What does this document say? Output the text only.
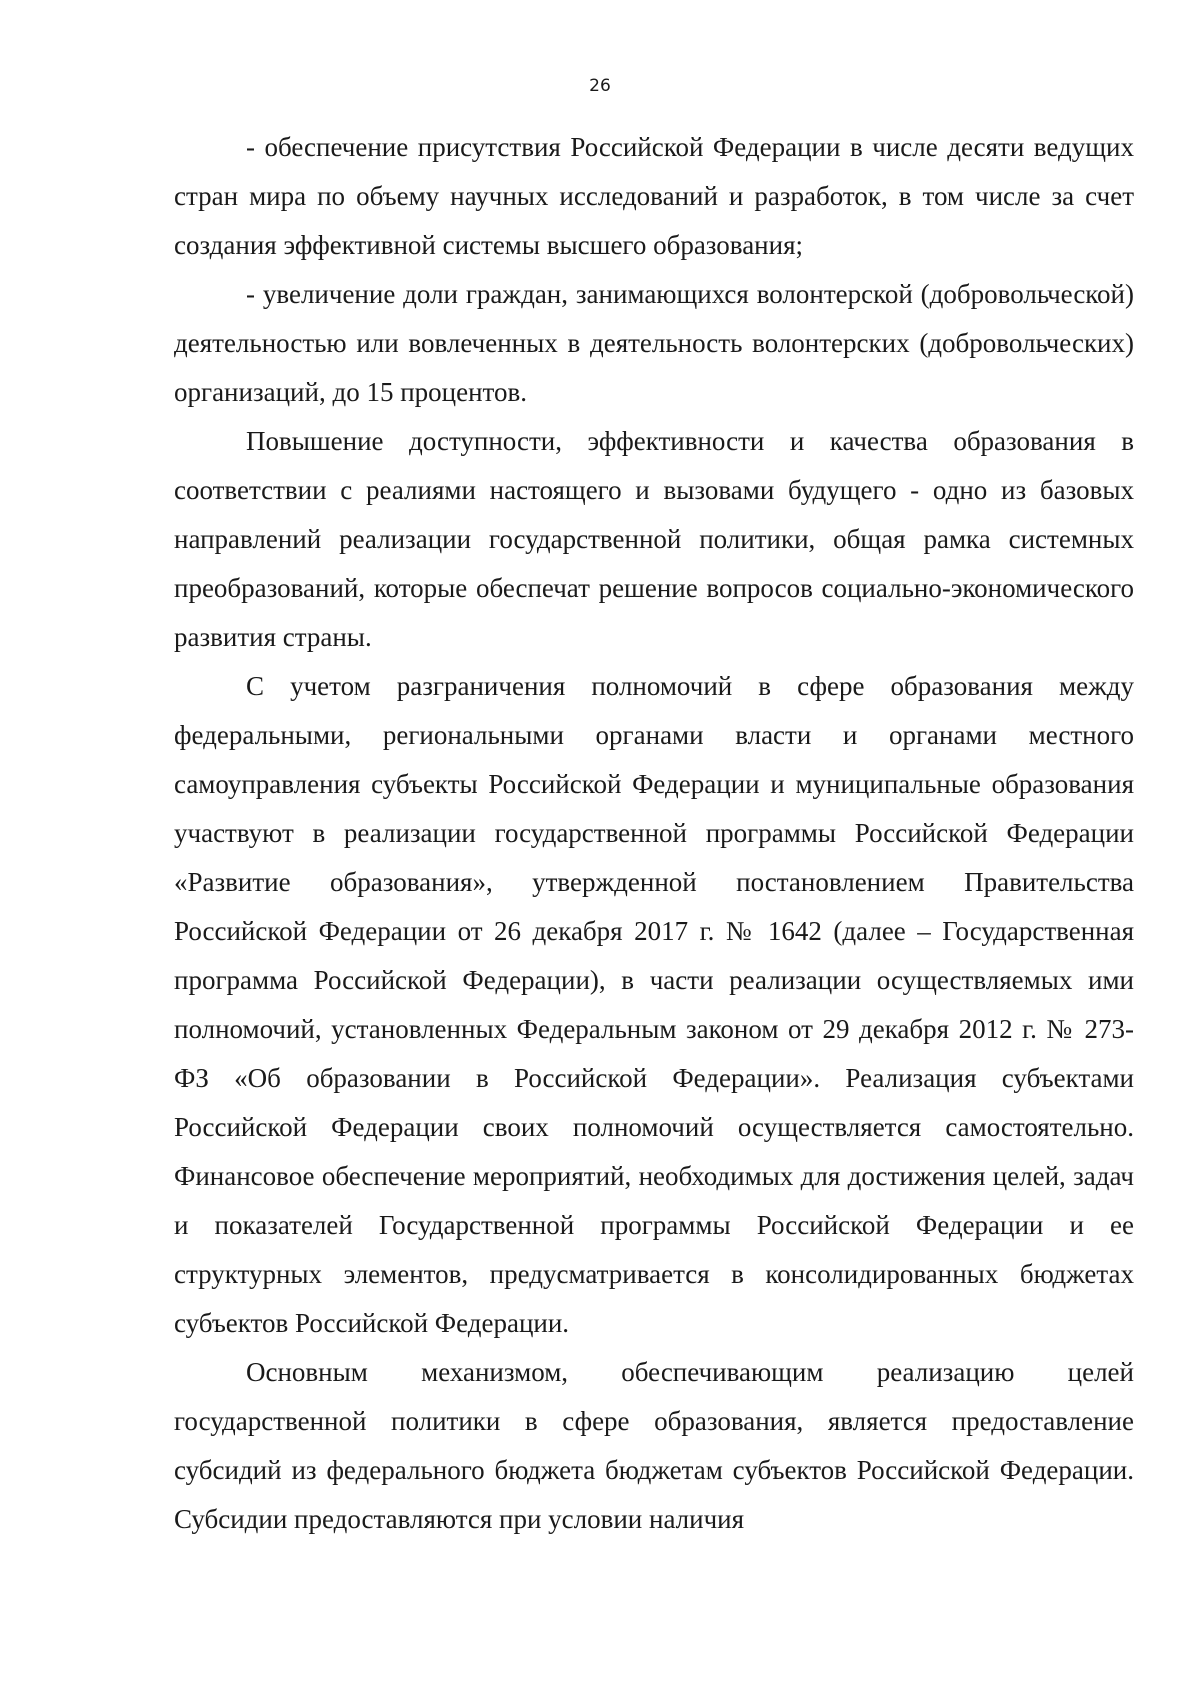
26

- обеспечение присутствия Российской Федерации в числе десяти ведущих стран мира по объему научных исследований и разработок, в том числе за счет создания эффективной системы высшего образования;

- увеличение доли граждан, занимающихся волонтерской (добровольческой) деятельностью или вовлеченных в деятельность волонтерских (добровольческих) организаций, до 15 процентов.

Повышение доступности, эффективности и качества образования в соответствии с реалиями настоящего и вызовами будущего - одно из базовых направлений реализации государственной политики, общая рамка системных преобразований, которые обеспечат решение вопросов социально-экономического развития страны.

С учетом разграничения полномочий в сфере образования между федеральными, региональными органами власти и органами местного самоуправления субъекты Российской Федерации и муниципальные образования участвуют в реализации государственной программы Российской Федерации «Развитие образования», утвержденной постановлением Правительства Российской Федерации от 26 декабря 2017 г. № 1642 (далее – Государственная программа Российской Федерации), в части реализации осуществляемых ими полномочий, установленных Федеральным законом от 29 декабря 2012 г. № 273-ФЗ «Об образовании в Российской Федерации». Реализация субъектами Российской Федерации своих полномочий осуществляется самостоятельно. Финансовое обеспечение мероприятий, необходимых для достижения целей, задач и показателей Государственной программы Российской Федерации и ее структурных элементов, предусматривается в консолидированных бюджетах субъектов Российской Федерации.

Основным механизмом, обеспечивающим реализацию целей государственной политики в сфере образования, является предоставление субсидий из федерального бюджета бюджетам субъектов Российской Федерации. Субсидии предоставляются при условии наличия
